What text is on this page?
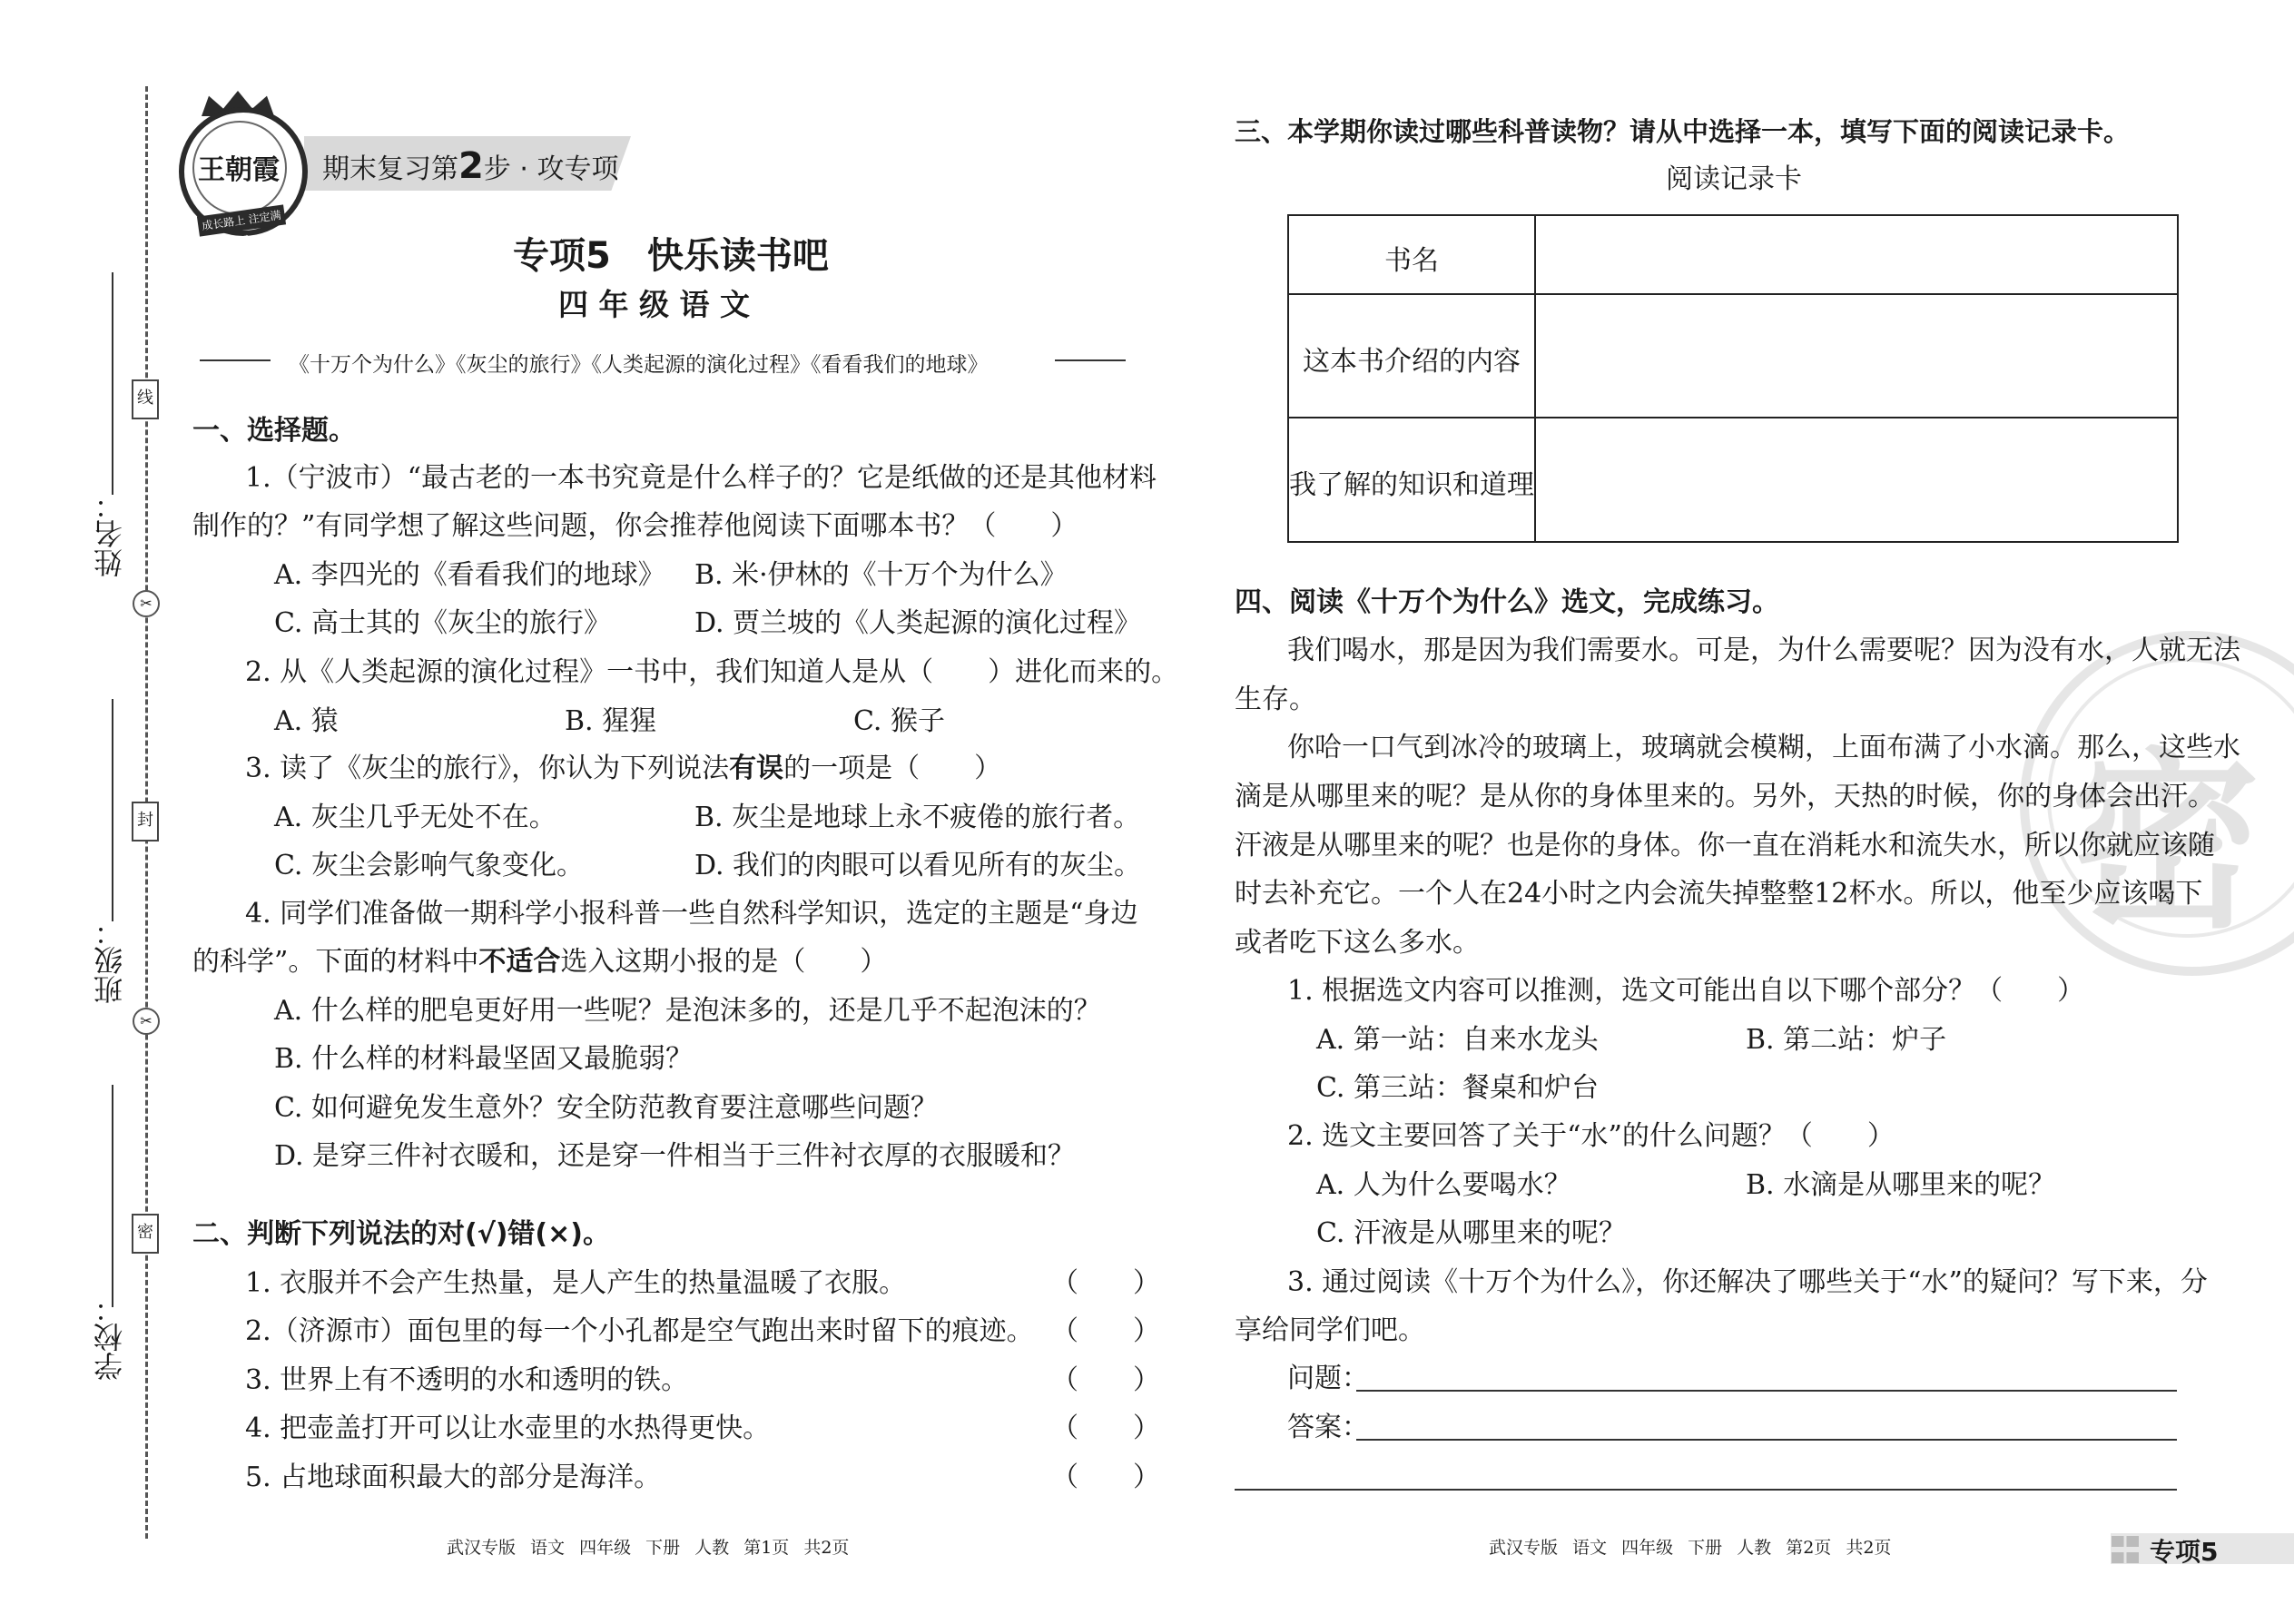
姓名：
班级：
学校：
线
封
密
✂
✂
期末复习第2步 · 攻专项
王朝霞
成长路上 注定满天	专项5　快乐读书吧
四 年 级 语 文
《十万个为什么》《灰尘的旅行》《人类起源的演化过程》《看看我们的地球》
一、选择题。
1.（宁波市）“最古老的一本书究竟是什么样子的？它是纸做的还是其他材料
制作的？”有同学想了解这些问题，你会推荐他阅读下面哪本书？（　　）
A. 李四光的《看看我们的地球》 B. 米·伊林的《十万个为什么》
C. 高士其的《灰尘的旅行》	D. 贾兰坡的《人类起源的演化过程》
2. 从《人类起源的演化过程》一书中，我们知道人是从（　　）进化而来的。
A. 猿	B. 猩猩	C. 猴子
3. 读了《灰尘的旅行》，你认为下列说法有误的一项是（　　）
A. 灰尘几乎无处不在。	B. 灰尘是地球上永不疲倦的旅行者。
C. 灰尘会影响气象变化。	D. 我们的肉眼可以看见所有的灰尘。
4. 同学们准备做一期科学小报科普一些自然科学知识，选定的主题是“身边
的科学”。下面的材料中不适合选入这期小报的是（　　）
A. 什么样的肥皂更好用一些呢？是泡沫多的，还是几乎不起泡沫的？
B. 什么样的材料最坚固又最脆弱？
C. 如何避免发生意外？安全防范教育要注意哪些问题？
D. 是穿三件衬衣暖和，还是穿一件相当于三件衬衣厚的衣服暖和？
二、判断下列说法的对(√)错(×)。
1. 衣服并不会产生热量，是人产生的热量温暖了衣服。	（　　）
2.（济源市）面包里的每一个小孔都是空气跑出来时留下的痕迹。 （　　）
3. 世界上有不透明的水和透明的铁。	（　　）
4. 把壶盖打开可以让水壶里的水热得更快。	（　　）
5. 占地球面积最大的部分是海洋。	（　　）
武汉专版 语文 四年级 下册 人教 第1页 共2页
三、本学期你读过哪些科普读物？请从中选择一本，填写下面的阅读记录卡。
阅读记录卡
书名
这本书介绍的内容
我了解的知识和道理
密
四、阅读《十万个为什么》选文，完成练习。
我们喝水，那是因为我们需要水。可是，为什么需要呢？因为没有水，人就无法
生存。
你哈一口气到冰冷的玻璃上，玻璃就会模糊，上面布满了小水滴。那么，这些水
滴是从哪里来的呢？是从你的身体里来的。另外，天热的时候，你的身体会出汗。
汗液是从哪里来的呢？也是你的身体。你一直在消耗水和流失水，所以你就应该随
时去补充它。一个人在24小时之内会流失掉整整12杯水。所以，他至少应该喝下
或者吃下这么多水。
1. 根据选文内容可以推测，选文可能出自以下哪个部分？（　　）
A. 第一站：自来水龙头	B. 第二站：炉子
C. 第三站：餐桌和炉台
2. 选文主要回答了关于“水”的什么问题？（　　）
A. 人为什么要喝水？	B. 水滴是从哪里来的呢？
C. 汗液是从哪里来的呢？
3. 通过阅读《十万个为什么》，你还解决了哪些关于“水”的疑问？写下来，分
享给同学们吧。
问题：
答案：
武汉专版 语文 四年级 下册 人教 第2页 共2页	专项5
